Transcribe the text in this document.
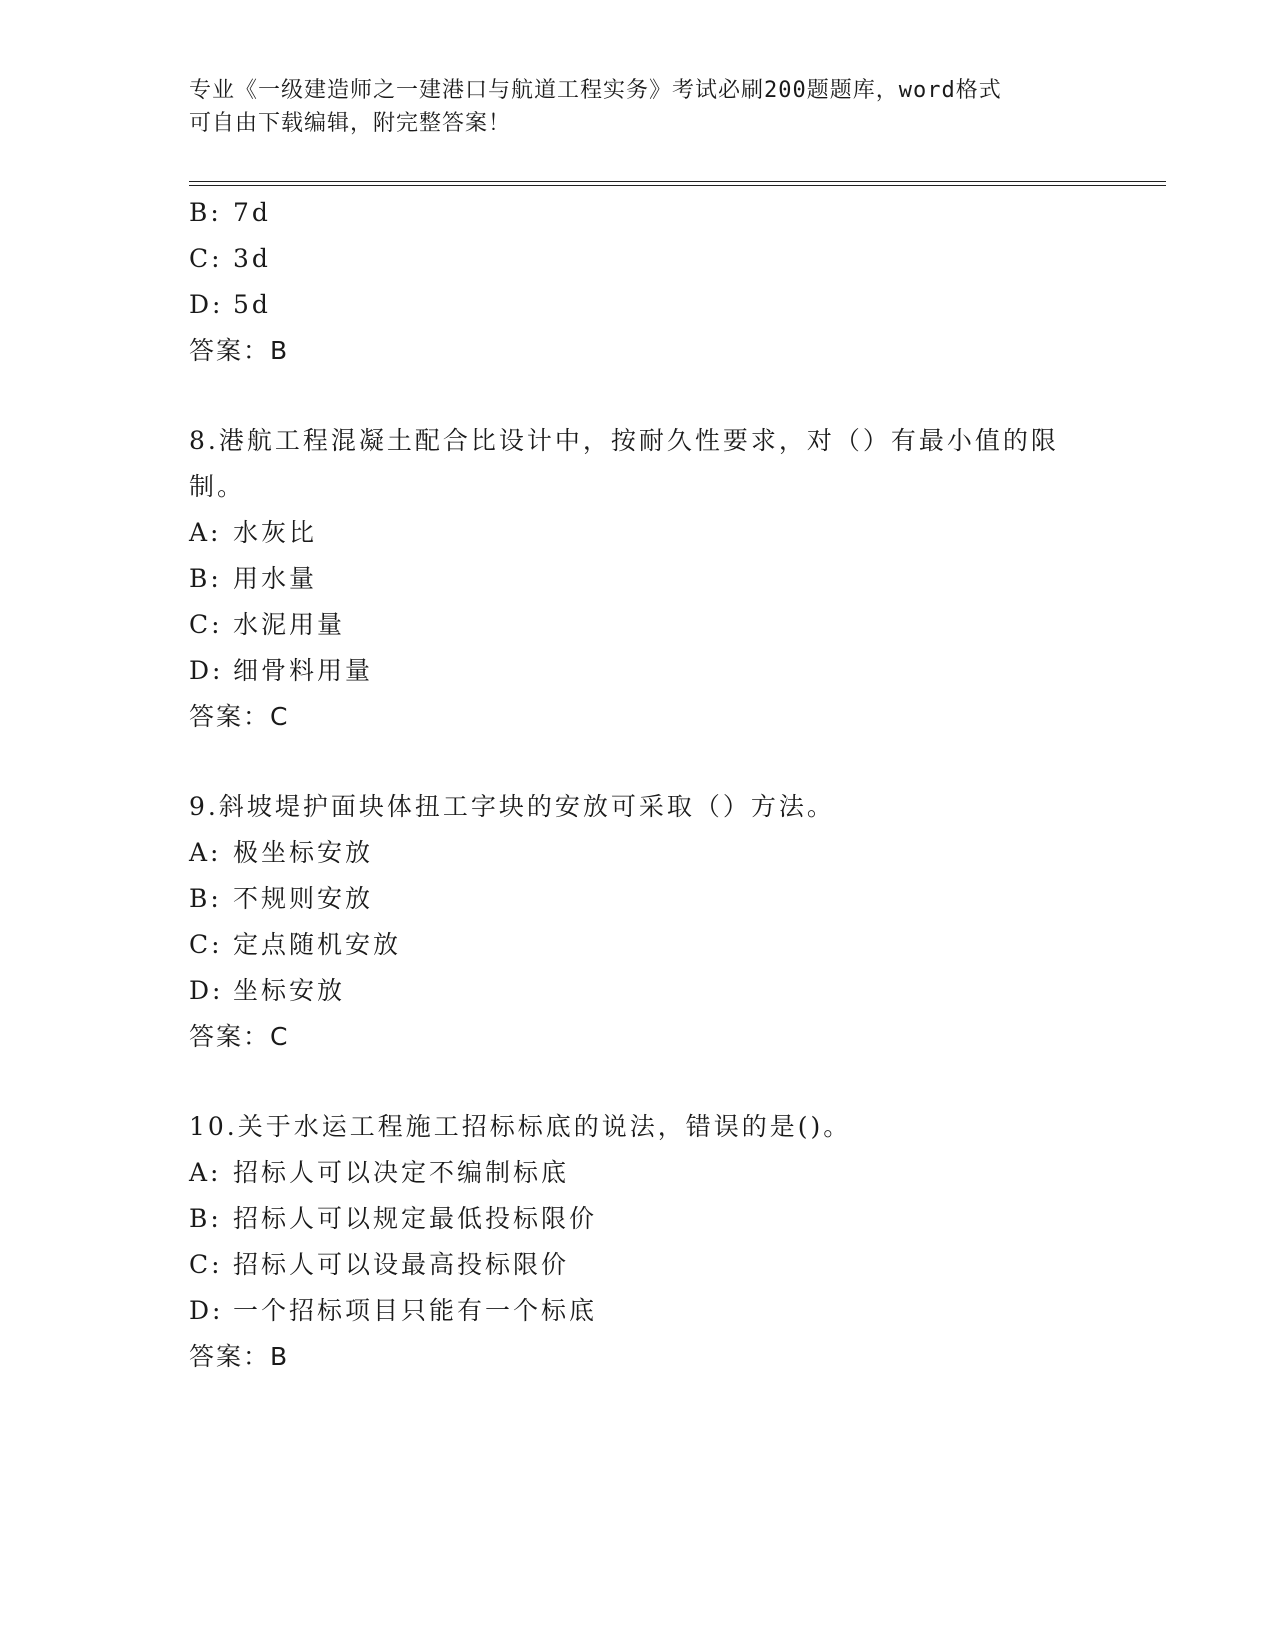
专业《一级建造师之一建港口与航道工程实务》考试必刷200题题库，word格式
可自由下载编辑，附完整答案！
B: 7d
C: 3d
D: 5d
答案：B
8.港航工程混凝土配合比设计中，按耐久性要求，对（）有最小值的限制。
A: 水灰比
B: 用水量
C: 水泥用量
D: 细骨料用量
答案：C
9.斜坡堤护面块体扭工字块的安放可采取（）方法。
A: 极坐标安放
B: 不规则安放
C: 定点随机安放
D: 坐标安放
答案：C
10.关于水运工程施工招标标底的说法，错误的是()。
A: 招标人可以决定不编制标底
B: 招标人可以规定最低投标限价
C: 招标人可以设最高投标限价
D: 一个招标项目只能有一个标底
答案：B
